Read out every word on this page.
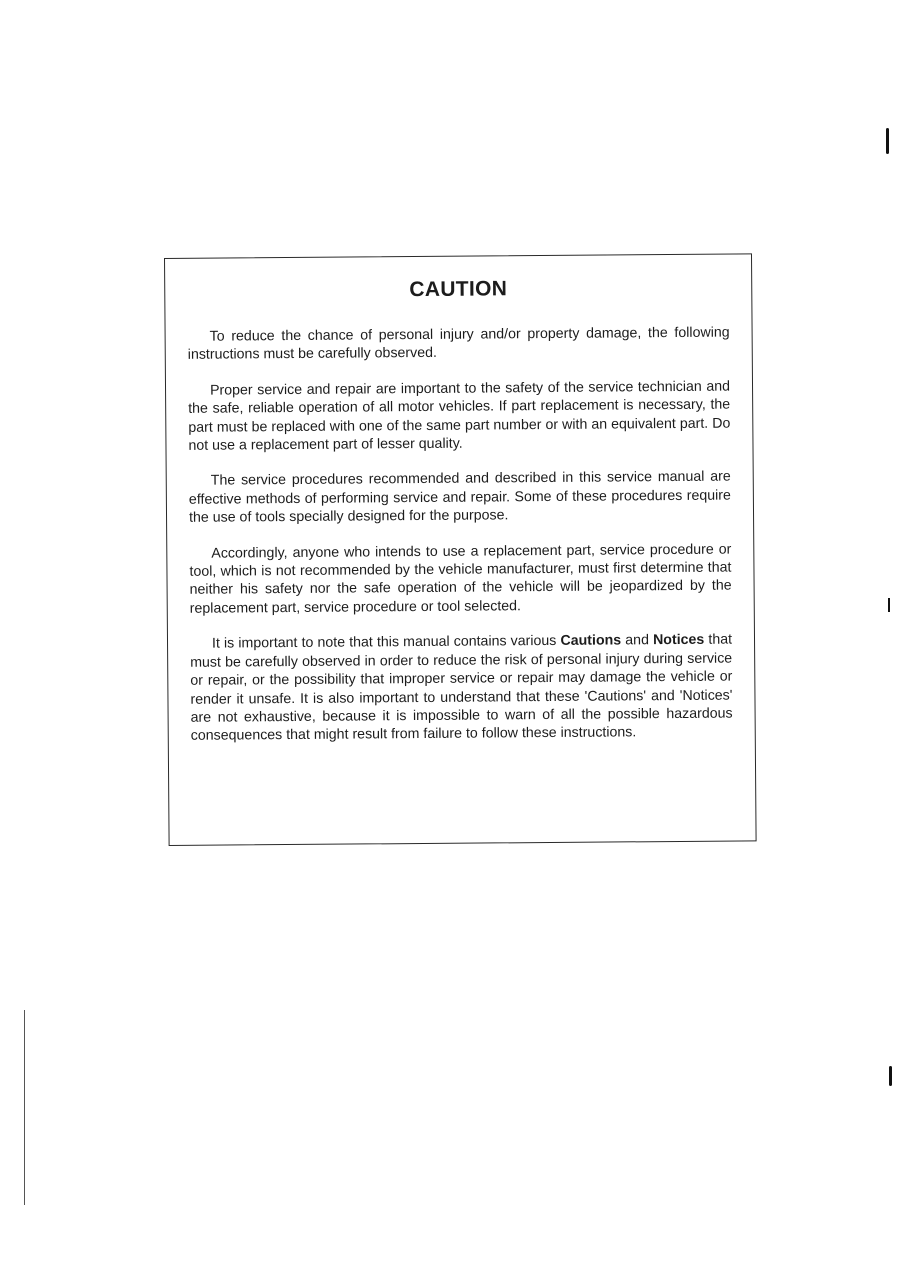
CAUTION

To reduce the chance of personal injury and/or property damage, the following instructions must be carefully observed.

Proper service and repair are important to the safety of the service technician and the safe, reliable operation of all motor vehicles. If part replacement is necessary, the part must be replaced with one of the same part number or with an equivalent part. Do not use a replacement part of lesser quality.

The service procedures recommended and described in this service manual are effective methods of performing service and repair. Some of these procedures require the use of tools specially designed for the purpose.

Accordingly, anyone who intends to use a replacement part, service procedure or tool, which is not recommended by the vehicle manufacturer, must first determine that neither his safety nor the safe operation of the vehicle will be jeopardized by the replacement part, service procedure or tool selected.

It is important to note that this manual contains various Cautions and Notices that must be carefully observed in order to reduce the risk of personal injury during service or repair, or the possibility that improper service or repair may damage the vehicle or render it unsafe. It is also important to understand that these 'Cautions' and 'Notices' are not exhaustive, because it is impossible to warn of all the possible hazardous consequences that might result from failure to follow these instructions.
